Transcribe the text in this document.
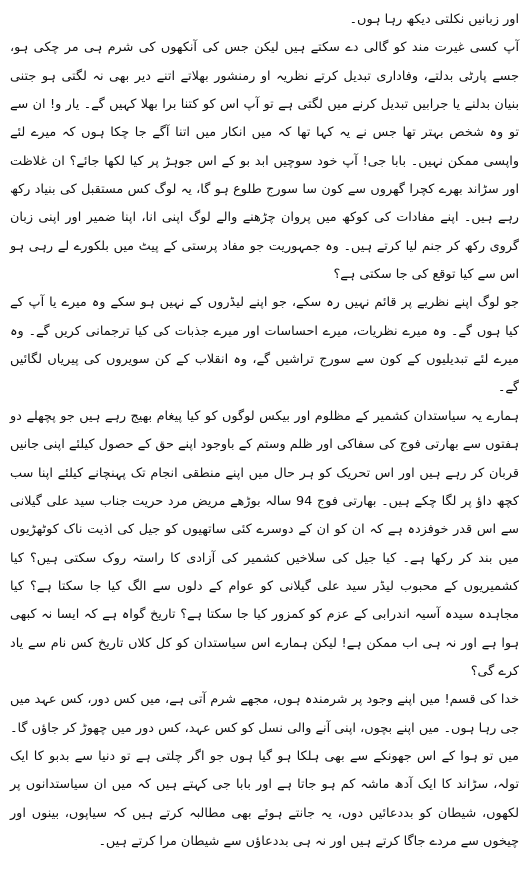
اور زبانیں نکلتی دیکھ رہا ہوں۔

آپ کسی غیرت مند کو گالی دے سکتے ہیں لیکن جس کی آنکھوں کی شرم ہی مر چکی ہو، جسے پارٹی بدلتے، وفاداری تبدیل کرتے نظریہ او رمنشور بھلاتے اتنے دیر بھی نہ لگتی ہو جتنی بنیان بدلنے یا جرابیں تبدیل کرنے میں لگتی ہے تو آپ اس کو کتنا برا بھلا کہیں گے۔ یار و! ان سے تو وہ شخص بہتر تھا جس نے یہ کہا تھا کہ میں انکار میں اتنا آگے جا چکا ہوں کہ میرے لئے واپسی ممکن نہیں۔ بابا جی! آپ خود سوچیں ابد بو کے اس جوہڑ پر کیا لکھا جائے؟ ان غلاظت اور سڑاند بھرے کچرا گھروں سے کون سا سورج طلوع ہو گا، یہ لوگ کس مستقبل کی بنیاد رکھ رہے ہیں۔ اپنے مفادات کی کوکھ میں پروان چڑھنے والے لوگ اپنی انا، اپنا ضمیر اور اپنی زبان گروی رکھ کر جنم لیا کرتے ہیں۔ وہ جمہوریت جو مفاد پرستی کے پیٹ میں بلکورے لے رہی ہو اس سے کیا توقع کی جا سکتی ہے؟

جو لوگ اپنے نظریے پر قائم نہیں رہ سکے، جو اپنے لیڈروں کے نہیں ہو سکے وہ میرے یا آپ کے کیا ہوں گے۔ وہ میرے نظریات، میرے احساسات اور میرے جذبات کی کیا ترجمانی کریں گے۔ وہ میرے لئے تبدیلیوں کے کون سے سورج تراشیں گے، وہ انقلاب کے کن سویروں کی پیریاں لگائیں گے۔

ہمارے یہ سیاستدان کشمیر کے مظلوم اور بیکس لوگوں کو کیا پیغام بھیج رہے ہیں جو پچھلے دو ہفتوں سے بھارتی فوج کی سفاکی اور ظلم وستم کے باوجود اپنے حق کے حصول کیلئے اپنی جانیں قربان کر رہے ہیں اور اس تحریک کو ہر حال میں اپنے منطقی انجام تک پہنچانے کیلئے اپنا سب کچھ داؤ پر لگا چکے ہیں۔ بھارتی فوج 94 سالہ بوڑھے مریض مرد حریت جناب سید علی گیلانی سے اس قدر خوفزدہ ہے کہ ان کو ان کے دوسرے کئی ساتھیوں کو جیل کی اذیت ناک کوٹھڑیوں میں بند کر رکھا ہے۔ کیا جیل کی سلاخیں کشمیر کی آزادی کا راستہ روک سکتی ہیں؟ کیا کشمیریوں کے محبوب لیڈر سید علی گیلانی کو عوام کے دلوں سے الگ کیا جا سکتا ہے؟ کیا مجاہدہ سیدہ آسیہ اندرابی کے عزم کو کمزور کیا جا سکتا ہے؟ تاریخ گواہ ہے کہ ایسا نہ کبھی ہوا ہے اور نہ ہی اب ممکن ہے! لیکن ہمارے اس سیاستدان کو کل کلاں تاریخ کس نام سے یاد کرے گی؟

خدا کی قسم! میں اپنے وجود پر شرمندہ ہوں، مجھے شرم آتی ہے، میں کس دور، کس عہد میں جی رہا ہوں۔ میں اپنے بچوں، اپنی آنے والی نسل کو کس عہد، کس دور میں چھوڑ کر جاؤں گا۔ میں تو ہوا کے اس جھونکے سے بھی ہلکا ہو گیا ہوں جو اگر چلتی ہے تو دنیا سے بدبو کا ایک تولہ، سڑاند کا ایک آدھ ماشہ کم ہو جاتا ہے اور بابا جی کہتے ہیں کہ میں ان سیاستدانوں پر لکھوں، شیطان کو بددعائیں دوں، یہ جانتے ہوئے بھی مطالبہ کرتے ہیں کہ سیاپوں، بینوں اور چیخوں سے مردے جاگا کرتے ہیں اور نہ ہی بددعاؤں سے شیطان مرا کرتے ہیں۔
